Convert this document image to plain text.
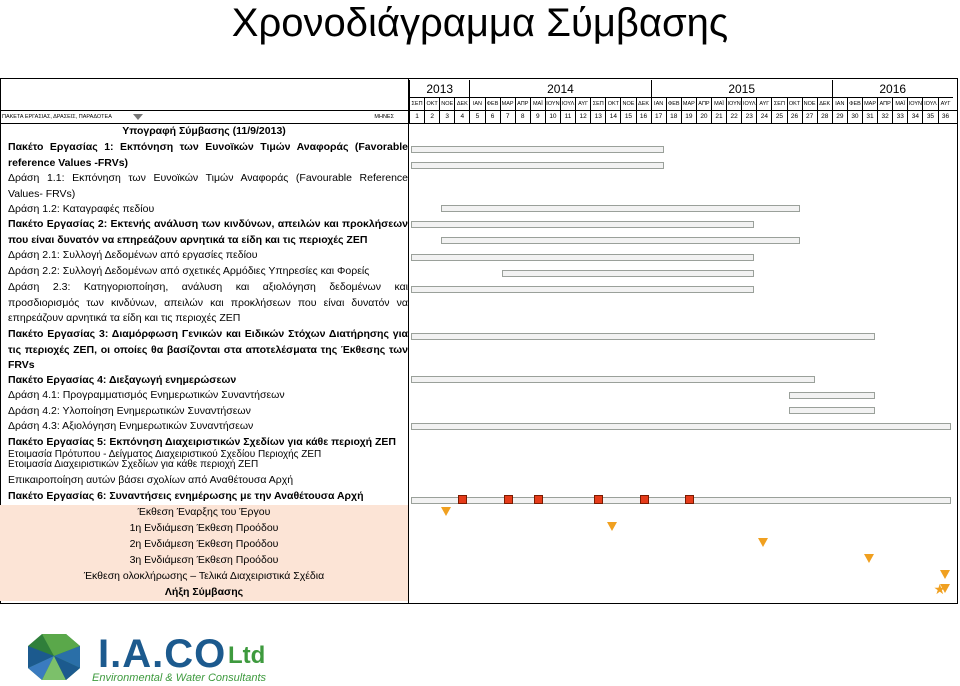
Χρονοδιάγραμμα Σύμβασης
2013	2014	2015	2016
ΣΕΠ ΟΚΤ ΝΟΕ ΔΕΚ ΙΑΝ ΦΕΒ ΜΑΡ ΑΠΡ ΜΑΪ ΙΟΥΝ ΙΟΥΛ ΑΥΓ ΣΕΠ ΟΚΤ ΝΟΕ ΔΕΚ ΙΑΝ ΦΕΒ ΜΑΡ ΑΠΡ ΜΑΪ ΙΟΥΝ ΙΟΥΛ ΑΥΓ ΣΕΠ ΟΚΤ ΝΟΕ ΔΕΚ ΙΑΝ ΦΕΒ ΜΑΡ ΑΠΡ ΜΑΪ ΙΟΥΝ ΙΟΥΛ ΑΥΓ
1	2	3	4	5	6	7	8	9	10	11	12	13	14	15	16	17	18	19	20	21	22	23	24	25	26	27	28	29	30	31	32	33	34	35	36
ΠΑΚΕΤΑ ΕΡΓΑΣΙΑΣ, ΔΡΑΣΕΙΣ, ΠΑΡΑΔΟΤΕΑ	ΜΗΝΕΣ
Υπογραφή Σύμβασης (11/9/2013)
Πακέτο Εργασίας 1: Εκπόνηση των Ευνοϊκών Τιμών Αναφοράς (Favorable reference Values -FRVs)
Δράση 1.1: Εκπόνηση των Ευνοϊκών Τιμών Αναφοράς (Favourable Reference Values- FRVs)
Δράση 1.2: Καταγραφές πεδίου
Πακέτο Εργασίας 2: Εκτενής ανάλυση των κινδύνων, απειλών και προκλήσεων που είναι δυνατόν να επηρεάζουν αρνητικά τα είδη και τις περιοχές ΖΕΠ
Δράση 2.1: Συλλογή Δεδομένων από εργασίες πεδίου
Δράση 2.2: Συλλογή Δεδομένων από σχετικές Αρμόδιες Υπηρεσίες και Φορείς
Δράση 2.3: Κατηγοριοποίηση, ανάλυση και αξιολόγηση δεδομένων και προσδιορισμός των κινδύνων, απειλών και προκλήσεων που είναι δυνατόν να επηρεάζουν αρνητικά τα είδη και τις περιοχές ΖΕΠ
Πακέτο Εργασίας 3: Διαμόρφωση Γενικών και Ειδικών Στόχων Διατήρησης για τις περιοχές ΖΕΠ, οι οποίες θα βασίζονται στα αποτελέσματα της Έκθεσης των FRVs
Πακέτο Εργασίας 4: Διεξαγωγή ενημερώσεων
Δράση 4.1: Προγραμματισμός Ενημερωτικών Συναντήσεων
Δράση 4.2: Υλοποίηση Ενημερωτικών Συναντήσεων
Δράση 4.3: Αξιολόγηση Ενημερωτικών Συναντήσεων
Πακέτο Εργασίας 5: Εκπόνηση Διαχειριστικών Σχεδίων για κάθε περιοχή ΖΕΠ
Ετοιμασία Πρότυπου - Δείγματος Διαχειριστικού Σχεδίου Περιοχής ΖΕΠ
Ετοιμασία Διαχειριστικών Σχεδίων για κάθε περιοχή ΖΕΠ
Επικαιροποίηση αυτών βάσει σχολίων από Αναθέτουσα Αρχή
Πακέτο Εργασίας 6: Συναντήσεις ενημέρωσης με την Αναθέτουσα Αρχή
Έκθεση Έναρξης του Έργου
1η Ενδιάμεση Έκθεση Προόδου
2η Ενδιάμεση Έκθεση Προόδου
3η Ενδιάμεση Έκθεση Προόδου
Έκθεση ολοκλήρωσης – Τελικά Διαχειριστικά Σχέδια
Λήξη Σύμβασης	★
I.A.CO Ltd
Environmental & Water Consultants
